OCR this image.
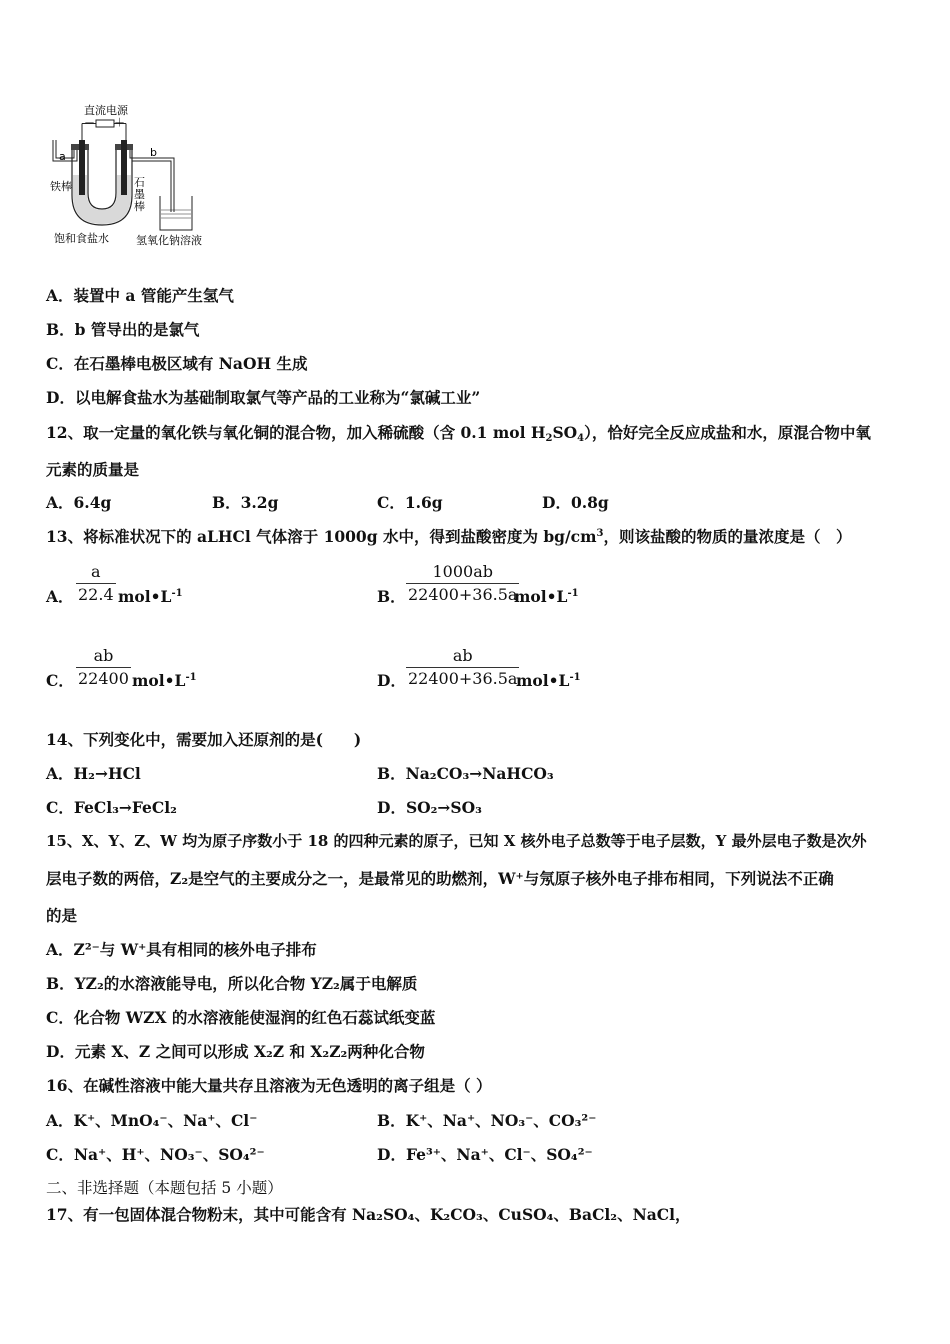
直流电源
－ ＋
a	b
铁棒	石
墨
棒
饱和食盐水 氢氧化钠溶液
A．装置中 a 管能产生氢气
B．b 管导出的是氯气
C．在石墨棒电极区域有 NaOH 生成
D．以电解食盐水为基础制取氯气等产品的工业称为“氯碱工业”
12、取一定量的氧化铁与氧化铜的混合物，加入稀硫酸（含 0.1 mol $H_2SO_4$），恰好完全反应成盐和水，原混合物中氧
元素的质量是
A．6.4g	B．3.2g	C．1.6g	D．0.8g
13、将标准状况下的 aLHCl 气体溶于 1000g 水中，得到盐酸密度为 $bg/cm^3$，则该盐酸的物质的量浓度是（　）
A．
a
22.4 $mol•L^{-1}$	B．
1000ab
22400+36.5a
$mol•L^{-1}$
C．
ab
22400 $mol•L^{-1}$	D．
ab
22400+36.5a
$mol•L^{-1}$
14、下列变化中，需要加入还原剂的是(　　)
A．H₂→HCl	B．Na₂CO₃→NaHCO₃
C．FeCl₃→FeCl₂	D．SO₂→SO₃
15、X、Y、Z、W 均为原子序数小于 18 的四种元素的原子，已知 X 核外电子总数等于电子层数，Y 最外层电子数是次外
层电子数的两倍，Z₂是空气的主要成分之一，是最常见的助燃剂，W⁺与氖原子核外电子排布相同，下列说法不正确
的是
A．Z²⁻与 W⁺具有相同的核外电子排布
B．YZ₂的水溶液能导电，所以化合物 YZ₂属于电解质
C．化合物 WZX 的水溶液能使湿润的红色石蕊试纸变蓝
D．元素 X、Z 之间可以形成 X₂Z 和 X₂Z₂两种化合物
16、在碱性溶液中能大量共存且溶液为无色透明的离子组是（ ）
A．K⁺、MnO₄⁻、Na⁺、Cl⁻	B．K⁺、Na⁺、NO₃⁻、CO₃²⁻
C．Na⁺、H⁺、NO₃⁻、SO₄²⁻	D．Fe³⁺、Na⁺、Cl⁻、SO₄²⁻
二、非选择题（本题包括 5 小题）
17、有一包固体混合物粉末，其中可能含有 Na₂SO₄、K₂CO₃、CuSO₄、BaCl₂、NaCl，
